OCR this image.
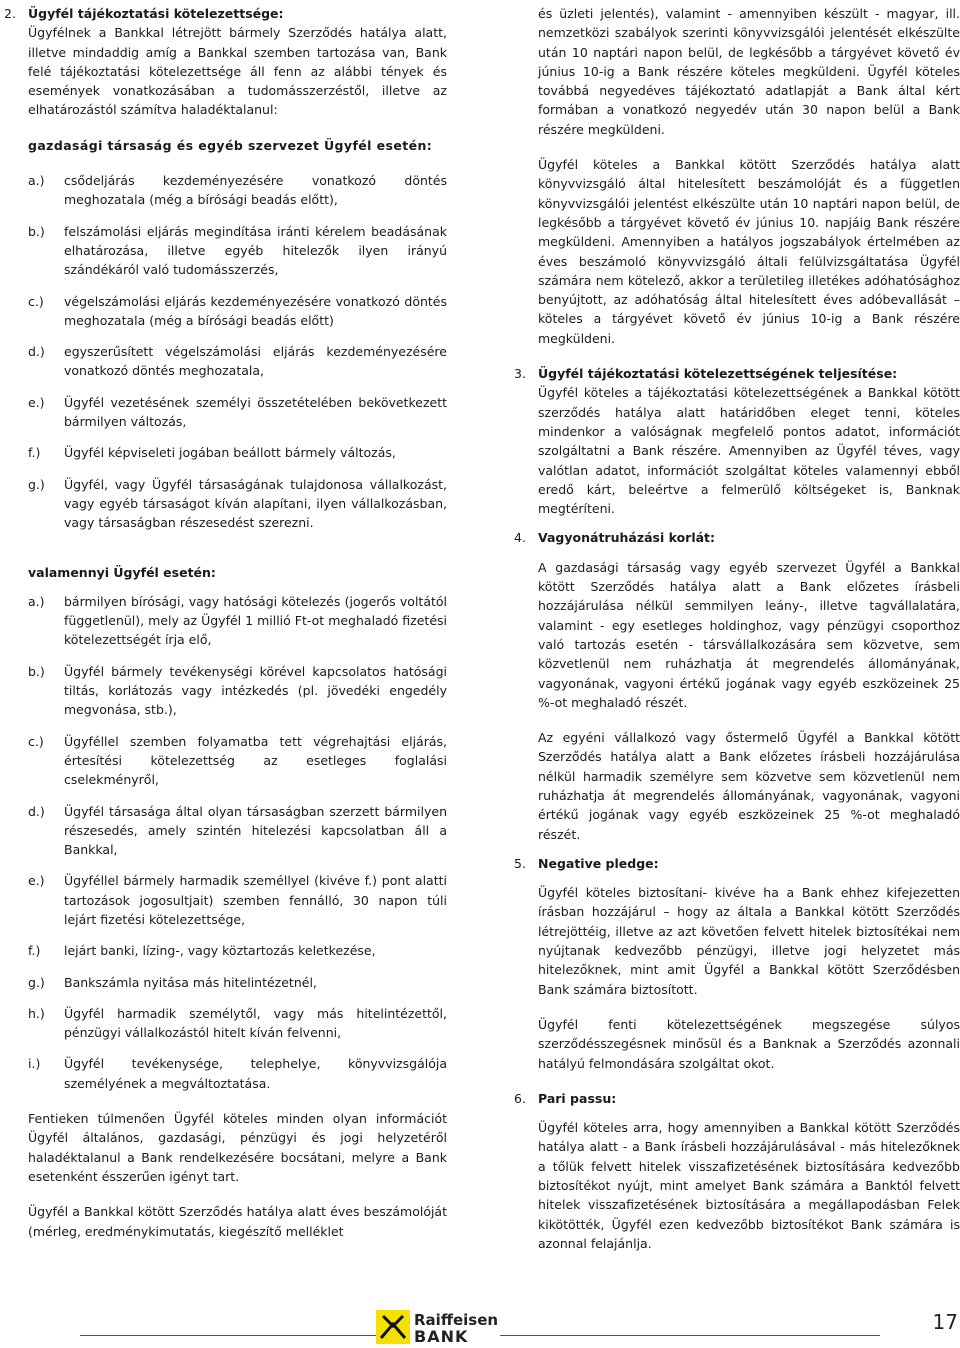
2. Ügyfél tájékoztatási kötelezettsége:

Ügyfélnek a Bankkal létrejött bármely Szerződés hatálya alatt, illetve mindaddig amíg a Bankkal szemben tartozása van, Bank felé tájékoztatási kötelezettsége áll fenn az alábbi tények és események vonatkozásában a tudomásszerzéstől, illetve az elhatározástól számítva haladéktalanul:

gazdasági társaság és egyéb szervezet Ügyfél esetén:

a.)	csődeljárás kezdeményezésére vonatkozó döntés meghozatala (még a bírósági beadás előtt),
b.)	felszámolási eljárás megindítása iránti kérelem beadásának elhatározása, illetve egyéb hitelezők ilyen irányú szándékáról való tudomásszerzés,
c.)	végelszámolási eljárás kezdeményezésére vonatkozó döntés meghozatala (még a bírósági beadás előtt)
d.)	egyszerűsített végelszámolási eljárás kezdeményezésére vonatkozó döntés meghozatala,
e.)	Ügyfél vezetésének személyi összetételében bekövetkezett bármilyen változás,
f.)	Ügyfél képviseleti jogában beállott bármely változás,
g.)	Ügyfél, vagy Ügyfél társaságának tulajdonosa vállalkozást, vagy egyéb társaságot kíván alapítani, ilyen vállalkozásban, vagy társaságban részesedést szerezni.

valamennyi Ügyfél esetén:

a.)	bármilyen bírósági, vagy hatósági kötelezés (jogerős voltától függetlenül), mely az Ügyfél 1 millió Ft-ot meghaladó fizetési kötelezettségét írja elő,
b.)	Ügyfél bármely tevékenységi körével kapcsolatos hatósági tiltás, korlátozás vagy intézkedés (pl. jövedéki engedély megvonása, stb.),
c.)	Ügyféllel szemben folyamatba tett végrehajtási eljárás, értesítési kötelezettség az esetleges foglalási cselekményről,
d.)	Ügyfél társasága által olyan társaságban szerzett bármilyen részesedés, amely szintén hitelezési kapcsolatban áll a Bankkal,
e.)	Ügyféllel bármely harmadik személlyel (kivéve f.) pont alatti tartozások jogosultjait) szemben fennálló, 30 napon túli lejárt fizetési kötelezettsége,
f.)	lejárt banki, lízing-, vagy köztartozás keletkezése,
g.)	Bankszámla nyitása más hitelintézetnél,
h.)	Ügyfél harmadik személytől, vagy más hitelintézettől, pénzügyi vállalkozástól hitelt kíván felvenni,
i.)	Ügyfél tevékenysége, telephelye, könyvvizsgálója személyének a megváltoztatása.

Fentieken túlmenően Ügyfél köteles minden olyan információt Ügyfél általános, gazdasági, pénzügyi és jogi helyzetéről haladéktalanul a Bank rendelkezésére bocsátani, melyre a Bank esetenként ésszerűen igényt tart.

Ügyfél a Bankkal kötött Szerződés hatálya alatt éves beszámolóját (mérleg, eredménykimutatás, kiegészítő melléklet

és üzleti jelentés), valamint - amennyiben készült - magyar, ill. nemzetközi szabályok szerinti könyvvizsgálói jelentését elkészülte után 10 naptári napon belül, de legkésőbb a tárgyévet követő év június 10-ig a Bank részére köteles megküldeni. Ügyfél köteles továbbá negyedéves tájékoztató adatlapját a Bank által kért formában a vonatkozó negyedév után 30 napon belül a Bank részére megküldeni.

Ügyfél köteles a Bankkal kötött Szerződés hatálya alatt könyvvizsgáló által hitelesített beszámolóját és a független könyvvizsgálói jelentést elkészülte után 10 naptári napon belül, de legkésőbb a tárgyévet követő év június 10. napjáig Bank részére megküldeni. Amennyiben a hatályos jogszabályok értelmében az éves beszámoló könyvvizsgáló általi felülvizsgáltatása Ügyfél számára nem kötelező, akkor a területileg illetékes adóhatósághoz benyújtott, az adóhatóság által hitelesített éves adóbevallását – köteles a tárgyévet követő év június 10-ig a Bank részére megküldeni.

3. Ügyfél tájékoztatási kötelezettségének teljesítése:

Ügyfél köteles a tájékoztatási kötelezettségének a Bankkal kötött szerződés hatálya alatt határidőben eleget tenni, köteles mindenkor a valóságnak megfelelő pontos adatot, információt szolgáltatni a Bank részére. Amennyiben az Ügyfél téves, vagy valótlan adatot, információt szolgáltat köteles valamennyi ebből eredő kárt, beleértve a felmerülő költségeket is, Banknak megtéríteni.

4. Vagyonátruházási korlát:

A gazdasági társaság vagy egyéb szervezet Ügyfél a Bankkal kötött Szerződés hatálya alatt a Bank előzetes írásbeli hozzájárulása nélkül semmilyen leány-, illetve tagvállalatára, valamint - egy esetleges holdinghoz, vagy pénzügyi csoporthoz való tartozás esetén - társvállalkozására sem közvetve, sem közvetlenül nem ruházhatja át megrendelés állományának, vagyonának, vagyoni értékű jogának vagy egyéb eszközeinek 25 %-ot meghaladó részét.

Az egyéni vállalkozó vagy őstermelő Ügyfél a Bankkal kötött Szerződés hatálya alatt a Bank előzetes írásbeli hozzájárulása nélkül harmadik személyre sem közvetve sem közvetlenül nem ruházhatja át megrendelés állományának, vagyonának, vagyoni értékű jogának vagy egyéb eszközeinek 25 %-ot meghaladó részét.

5. Negative pledge:

Ügyfél köteles biztosítani- kivéve ha a Bank ehhez kifejezetten írásban hozzájárul – hogy az általa a Bankkal kötött Szerződés létrejöttéig, illetve az azt követően felvett hitelek biztosítékai nem nyújtanak kedvezőbb pénzügyi, illetve jogi helyzetet más hitelezőknek, mint amit Ügyfél a Bankkal kötött Szerződésben Bank számára biztosított.

Ügyfél fenti kötelezettségének megszegése súlyos szerződésszegésnek minősül és a Banknak a Szerződés azonnali hatályú felmondására szolgáltat okot.

6. Pari passu:

Ügyfél köteles arra, hogy amennyiben a Bankkal kötött Szerződés hatálya alatt - a Bank írásbeli hozzájárulásával - más hitelezőknek a tőlük felvett hitelek visszafizetésének biztosítására kedvezőbb biztosítékot nyújt, mint amelyet Bank számára a Banktól felvett hitelek visszafizetésének biztosítására a megállapodásban Felek kikötötték, Ügyfél ezen kedvezőbb biztosítékot Bank számára is azonnal felajánlja.

Raiffeisen
BANK
17
